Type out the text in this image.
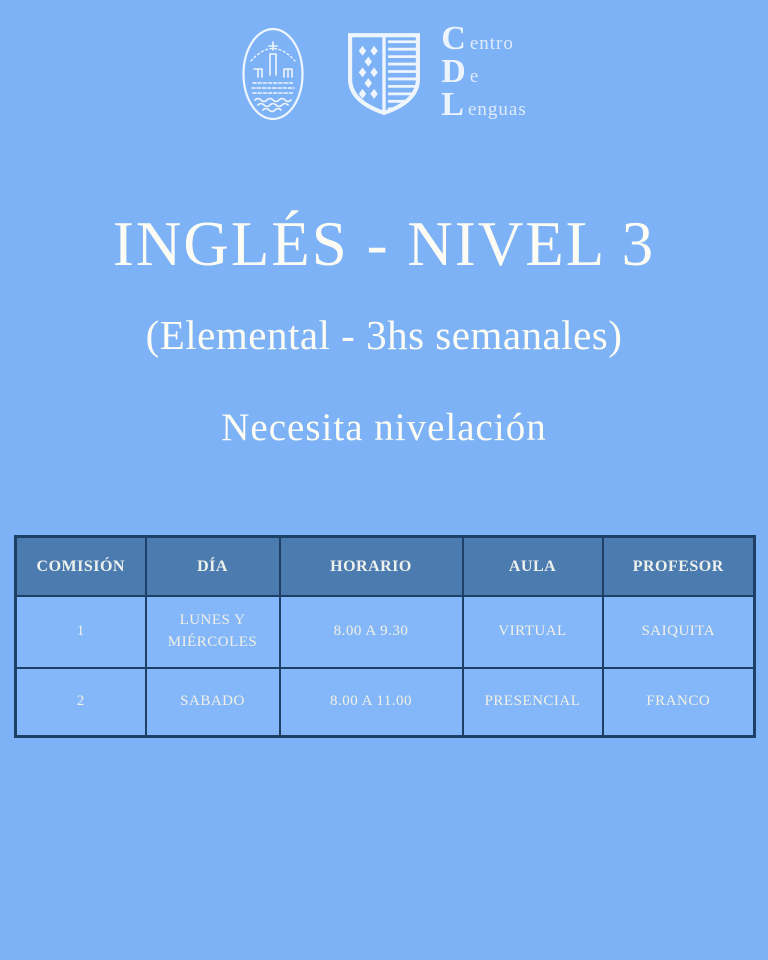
C entro
D e
L enguas
INGLÉS - NIVEL 3
(Elemental - 3hs semanales)
Necesita nivelación
COMISIÓN	DÍA	HORARIO	AULA	PROFESOR
1	LUNES Y MIÉRCOLES	8.00 A 9.30	VIRTUAL	SAIQUITA
2	SABADO	8.00 A 11.00	PRESENCIAL	FRANCO
